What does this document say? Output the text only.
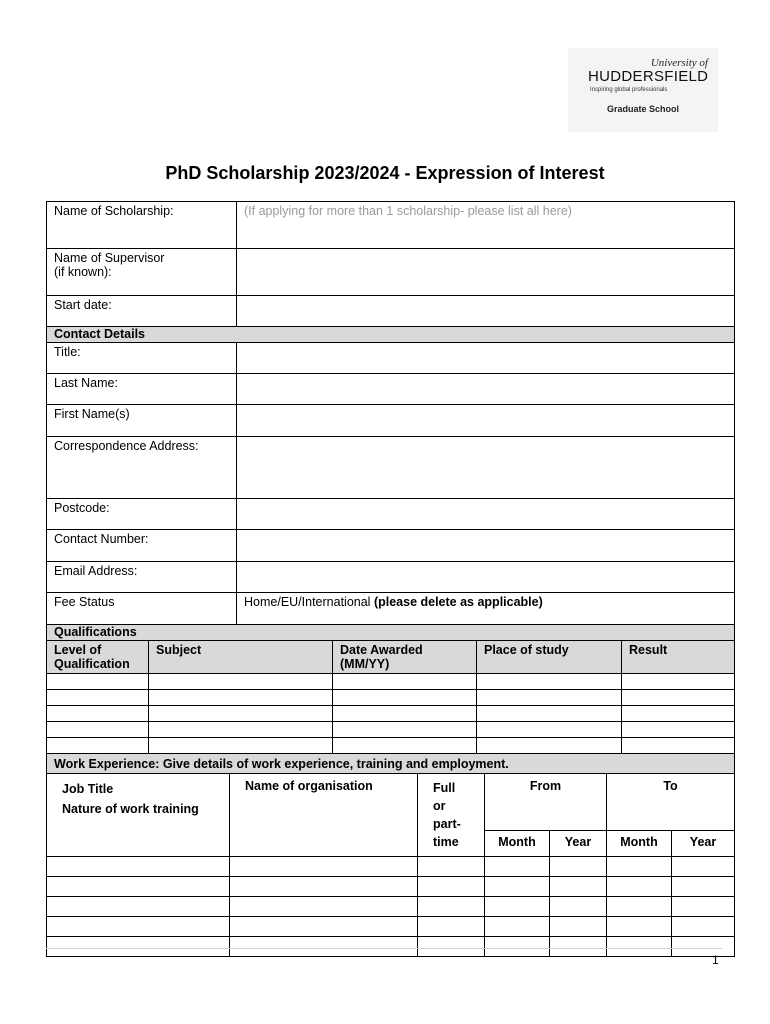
University of
HUDDERSFIELD
Inspiring global professionals
Graduate School
PhD Scholarship 2023/2024 - Expression of Interest
Name of Scholarship:	(If applying for more than 1 scholarship- please list all here)
Name of Supervisor
(if known):	
Start date:	
Contact Details	
Title:	
Last Name:	
First Name(s)	
Correspondence Address:	
Postcode:	
Contact Number:	
Email Address:	
Fee Status	Home/EU/International (please delete as applicable)
Qualifications				
Level of Qualification	Subject	Date Awarded (MM/YY)	Place of study	Result

Work Experience: Give details of work experience, training and employment.						
Job Title
Nature of work training	Name of organisation	Full or part-time	From		To	
			Month	Year	Month	Year

1
